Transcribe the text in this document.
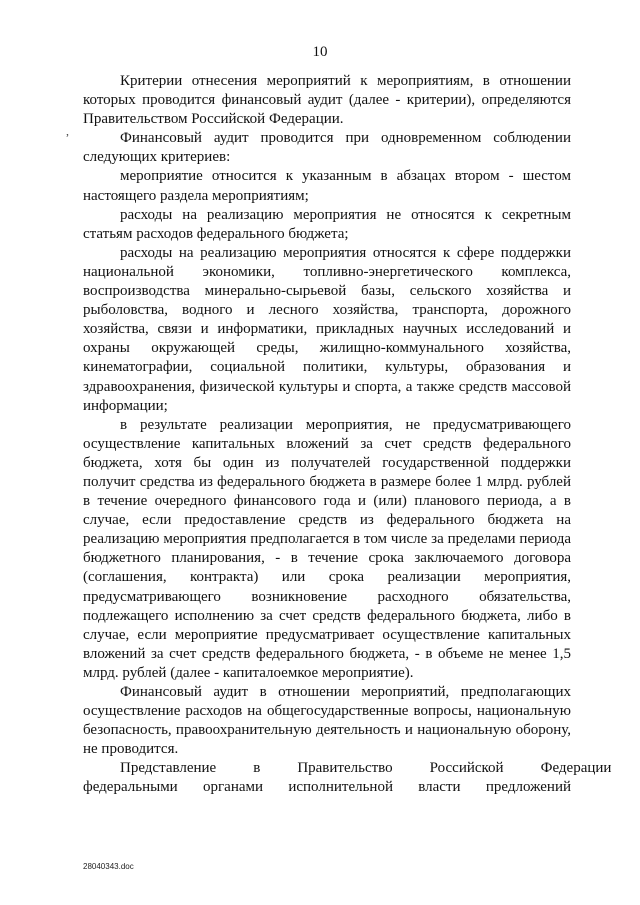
10
,

Критерии отнесения мероприятий к мероприятиям, в отношении которых проводится финансовый аудит (далее - критерии), определяются Правительством Российской Федерации.

Финансовый аудит проводится при одновременном соблюдении следующих критериев:

мероприятие относится к указанным в абзацах втором - шестом настоящего раздела мероприятиям;

расходы на реализацию мероприятия не относятся к секретным статьям расходов федерального бюджета;

расходы на реализацию мероприятия относятся к сфере поддержки национальной экономики, топливно-энергетического комплекса, воспроизводства минерально-сырьевой базы, сельского хозяйства и рыболовства, водного и лесного хозяйства, транспорта, дорожного хозяйства, связи и информатики, прикладных научных исследований и охраны окружающей среды, жилищно-коммунального хозяйства, кинематографии, социальной политики, культуры, образования и здравоохранения, физической культуры и спорта, а также средств массовой информации;

в результате реализации мероприятия, не предусматривающего осуществление капитальных вложений за счет средств федерального бюджета, хотя бы один из получателей государственной поддержки получит средства из федерального бюджета в размере более 1 млрд. рублей в течение очередного финансового года и (или) планового периода, а в случае, если предоставление средств из федерального бюджета на реализацию мероприятия предполагается в том числе за пределами периода бюджетного планирования, - в течение срока заключаемого договора (соглашения, контракта) или срока реализации мероприятия, предусматривающего возникновение расходного обязательства, подлежащего исполнению за счет средств федерального бюджета, либо в случае, если мероприятие предусматривает осуществление капитальных вложений за счет средств федерального бюджета, - в объеме не менее 1,5 млрд. рублей (далее - капиталоемкое мероприятие).

Финансовый аудит в отношении мероприятий, предполагающих осуществление расходов на общегосударственные вопросы, национальную безопасность, правоохранительную деятельность и национальную оборону, не проводится.

Представление	в	Правительство	Российской	Федерации
федеральными органами исполнительной власти предложений
28040343.doc
